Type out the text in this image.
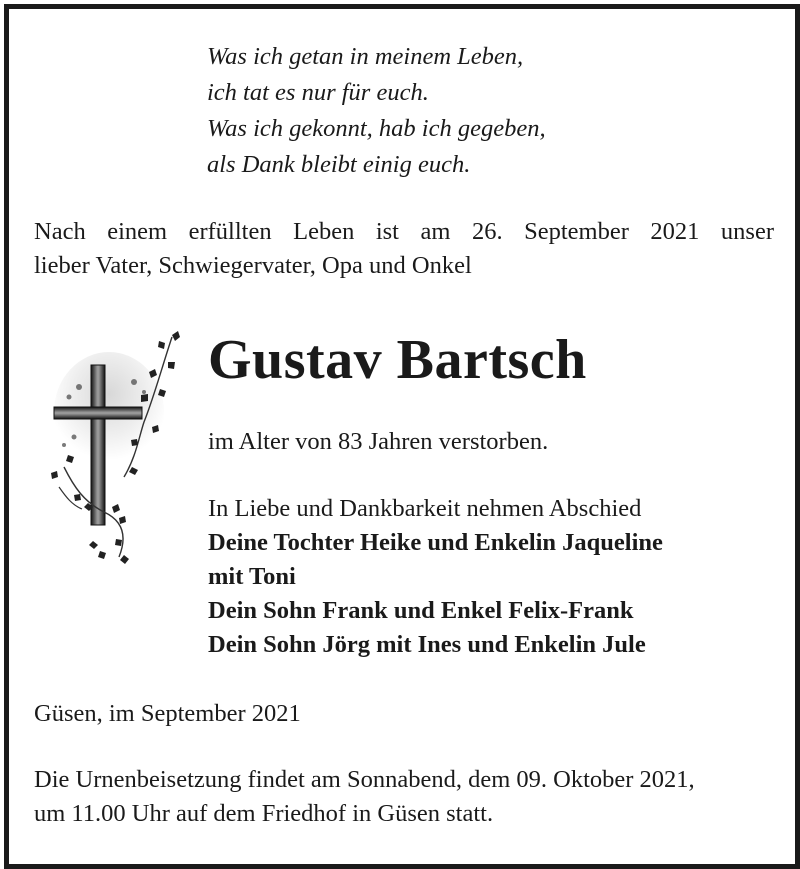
Was ich getan in meinem Leben,
ich tat es nur für euch.
Was ich gekonnt, hab ich gegeben,
als Dank bleibt einig euch.
Nach einem erfüllten Leben ist am 26. September 2021 unser
lieber Vater, Schwiegervater, Opa und Onkel
Gustav Bartsch
im Alter von 83 Jahren verstorben.
In Liebe und Dankbarkeit nehmen Abschied
Deine Tochter Heike und Enkelin Jaqueline
mit Toni
Dein Sohn Frank und Enkel Felix-Frank
Dein Sohn Jörg mit Ines und Enkelin Jule
Güsen, im September 2021
Die Urnenbeisetzung findet am Sonnabend, dem 09. Oktober 2021,
um 11.00 Uhr auf dem Friedhof in Güsen statt.
